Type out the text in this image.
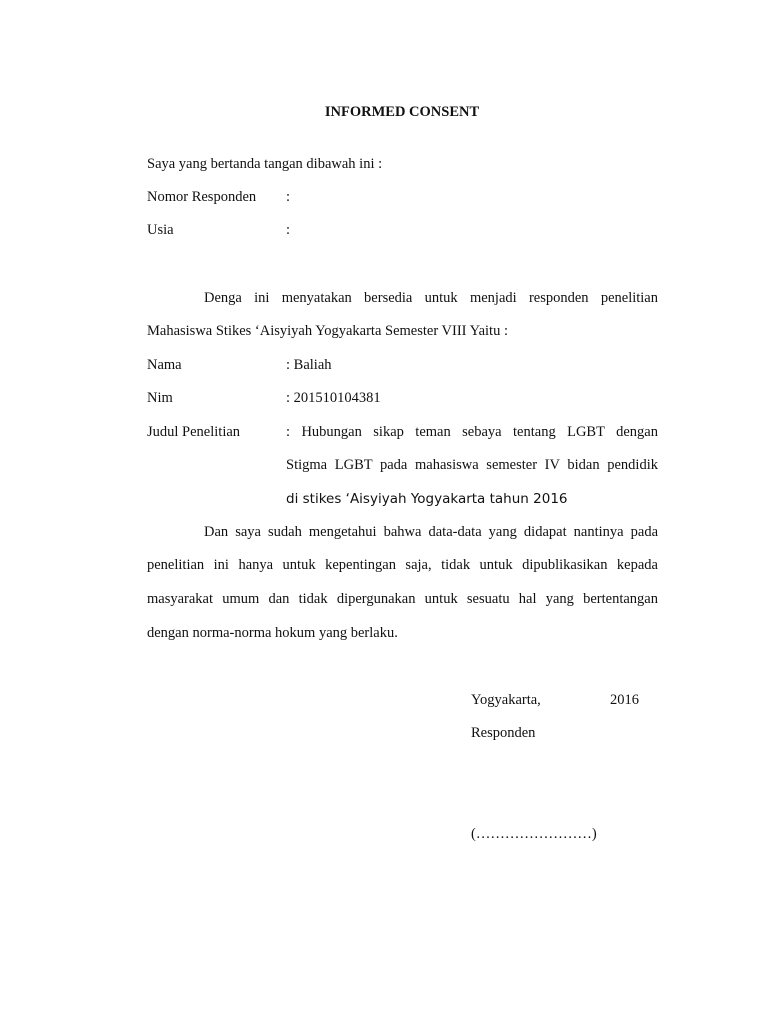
INFORMED CONSENT
Saya yang bertanda tangan dibawah ini :
Nomor Responden :
Usia	:
Denga ini menyatakan bersedia untuk menjadi responden penelitian
Mahasiswa Stikes ‘Aisyiyah Yogyakarta Semester VIII Yaitu :
Nama	: Baliah
Nim	: 201510104381
Judul Penelitian	: Hubungan sikap teman sebaya tentang LGBT dengan
Stigma LGBT pada mahasiswa semester IV bidan pendidik
di stikes ‘Aisyiyah Yogyakarta tahun 2016
Dan saya sudah mengetahui bahwa data-data yang didapat nantinya pada
penelitian ini hanya untuk kepentingan saja, tidak untuk dipublikasikan kepada
masyarakat umum dan tidak dipergunakan untuk sesuatu hal yang bertentangan
dengan norma-norma hokum yang berlaku.
Yogyakarta,	2016
Responden
(……………………)
